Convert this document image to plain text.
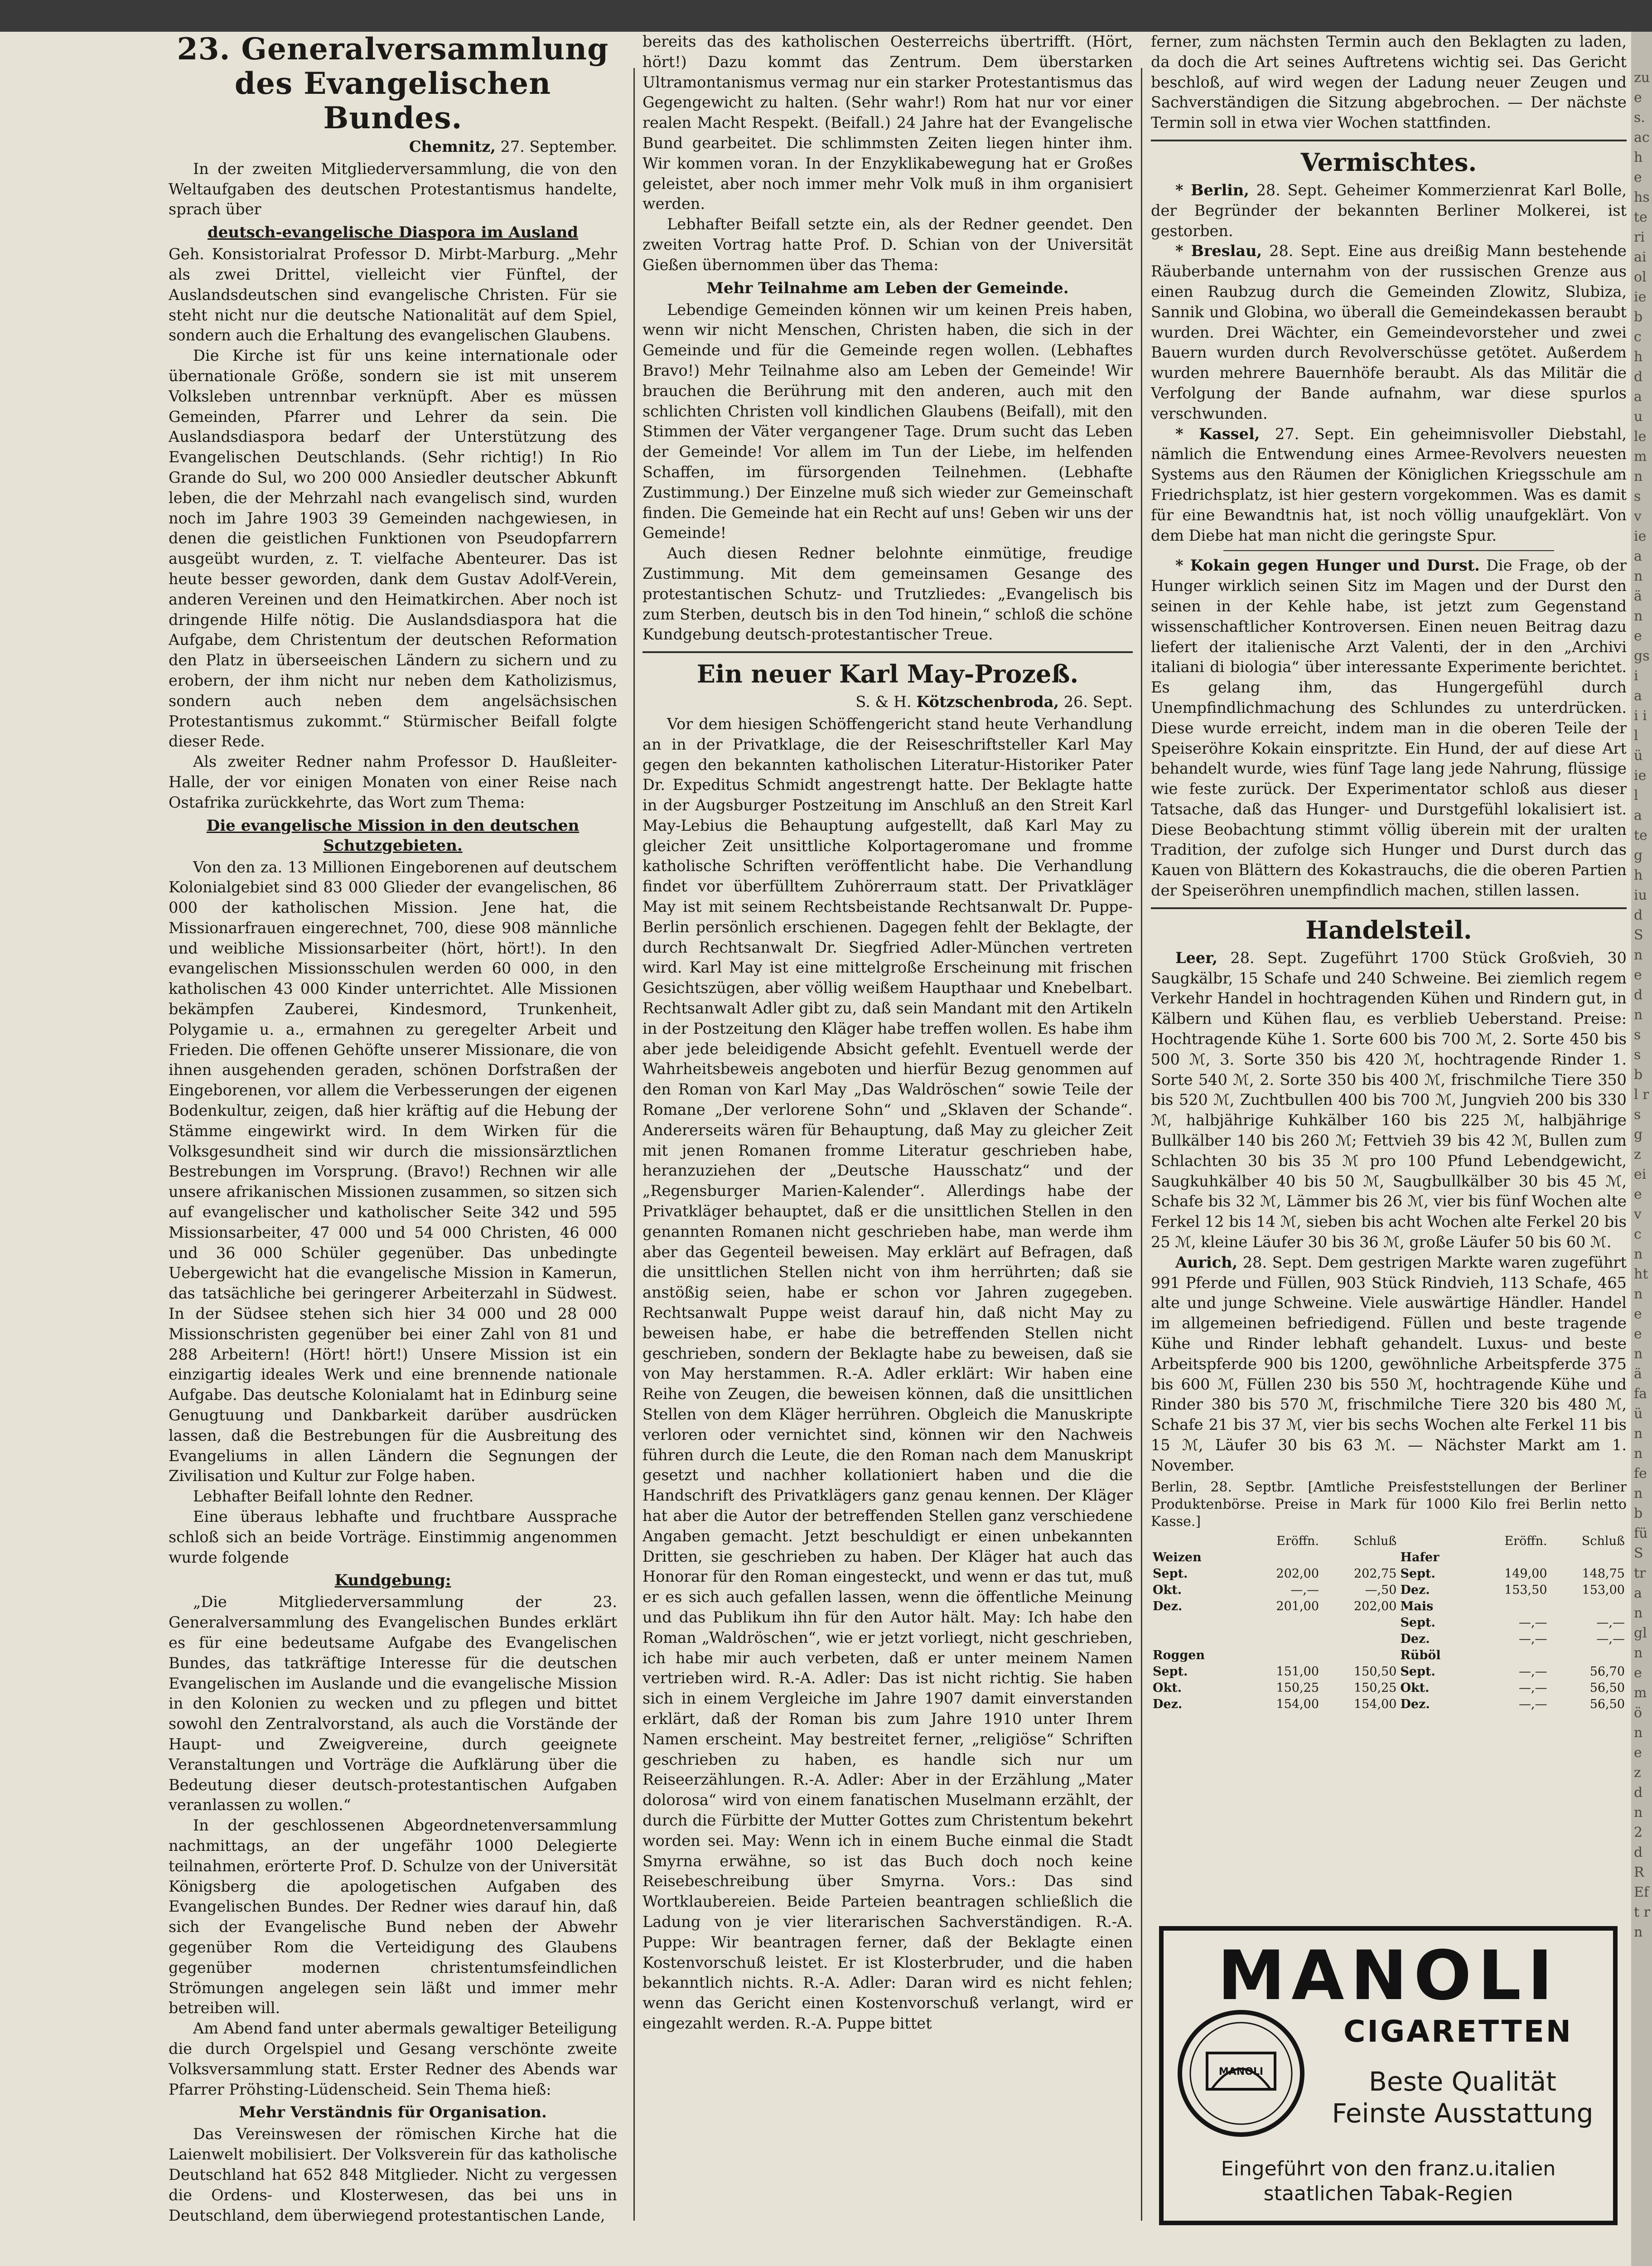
zu es. ache hste ri ai ol ie b ch d au le m n s v ie a n ä ne gs i a i il ü ie l a te g h iu d S n e d n s s b l r s g z ei e v c n ht ne en ä fa ün n fe n b fü S tra n gl n e m ö n e z d n 2 d R Eft rn
23. Generalversammlung
des Evangelischen Bundes.
Chemnitz, 27. September.

In der zweiten Mitgliederversammlung, die von den Weltaufgaben des deutschen Protestantismus handelte, sprach über

deutsch-evangelische Diaspora im Ausland

Geh. Konsistorialrat Professor D. Mirbt-Marburg. „Mehr als zwei Drittel, vielleicht vier Fünftel, der Auslandsdeutschen sind evangelische Christen. Für sie steht nicht nur die deutsche Nationalität auf dem Spiel, sondern auch die Erhaltung des evangelischen Glaubens.

Die Kirche ist für uns keine internationale oder übernationale Größe, sondern sie ist mit unserem Volksleben untrennbar verknüpft. Aber es müssen Gemeinden, Pfarrer und Lehrer da sein. Die Auslandsdiaspora bedarf der Unterstützung des Evangelischen Deutschlands. (Sehr richtig!) In Rio Grande do Sul, wo 200 000 Ansiedler deutscher Abkunft leben, die der Mehrzahl nach evangelisch sind, wurden noch im Jahre 1903 39 Gemeinden nachgewiesen, in denen die geistlichen Funktionen von Pseudopfarrern ausgeübt wurden, z. T. vielfache Abenteurer. Das ist heute besser geworden, dank dem Gustav Adolf-Verein, anderen Vereinen und den Heimatkirchen. Aber noch ist dringende Hilfe nötig. Die Auslandsdiaspora hat die Aufgabe, dem Christentum der deutschen Reformation den Platz in überseeischen Ländern zu sichern und zu erobern, der ihm nicht nur neben dem Katholizismus, sondern auch neben dem angelsächsischen Protestantismus zukommt.“ Stürmischer Beifall folgte dieser Rede.

Als zweiter Redner nahm Professor D. Haußleiter-Halle, der vor einigen Monaten von einer Reise nach Ostafrika zurückkehrte, das Wort zum Thema:

Die evangelische Mission in den deutschen Schutzgebieten.

Von den za. 13 Millionen Eingeborenen auf deutschem Kolonialgebiet sind 83 000 Glieder der evangelischen, 86 000 der katholischen Mission. Jene hat, die Missionarfrauen eingerechnet, 700, diese 908 männliche und weibliche Missionsarbeiter (hört, hört!). In den evangelischen Missionsschulen werden 60 000, in den katholischen 43 000 Kinder unterrichtet. Alle Missionen bekämpfen Zauberei, Kindesmord, Trunkenheit, Polygamie u. a., ermahnen zu geregelter Arbeit und Frieden. Die offenen Gehöfte unserer Missionare, die von ihnen ausgehenden geraden, schönen Dorfstraßen der Eingeborenen, vor allem die Verbesserungen der eigenen Bodenkultur, zeigen, daß hier kräftig auf die Hebung der Stämme eingewirkt wird. In dem Wirken für die Volksgesundheit sind wir durch die missionsärztlichen Bestrebungen im Vorsprung. (Bravo!) Rechnen wir alle unsere afrikanischen Missionen zusammen, so sitzen sich auf evangelischer und katholischer Seite 342 und 595 Missionsarbeiter, 47 000 und 54 000 Christen, 46 000 und 36 000 Schüler gegenüber. Das unbedingte Uebergewicht hat die evangelische Mission in Kamerun, das tatsächliche bei geringerer Arbeiterzahl in Südwest. In der Südsee stehen sich hier 34 000 und 28 000 Missionschristen gegenüber bei einer Zahl von 81 und 288 Arbeitern! (Hört! hört!) Unsere Mission ist ein einzigartig ideales Werk und eine brennende nationale Aufgabe. Das deutsche Kolonialamt hat in Edinburg seine Genugtuung und Dankbarkeit darüber ausdrücken lassen, daß die Bestrebungen für die Ausbreitung des Evangeliums in allen Ländern die Segnungen der Zivilisation und Kultur zur Folge haben.

Lebhafter Beifall lohnte den Redner.

Eine überaus lebhafte und fruchtbare Aussprache schloß sich an beide Vorträge. Einstimmig angenommen wurde folgende

Kundgebung:

„Die Mitgliederversammlung der 23. Generalversammlung des Evangelischen Bundes erklärt es für eine bedeutsame Aufgabe des Evangelischen Bundes, das tatkräftige Interesse für die deutschen Evangelischen im Auslande und die evangelische Mission in den Kolonien zu wecken und zu pflegen und bittet sowohl den Zentralvorstand, als auch die Vorstände der Haupt- und Zweigvereine, durch geeignete Veranstaltungen und Vorträge die Aufklärung über die Bedeutung dieser deutsch-protestantischen Aufgaben veranlassen zu wollen.“

In der geschlossenen Abgeordnetenversammlung nachmittags, an der ungefähr 1000 Delegierte teilnahmen, erörterte Prof. D. Schulze von der Universität Königsberg die apologetischen Aufgaben des Evangelischen Bundes. Der Redner wies darauf hin, daß sich der Evangelische Bund neben der Abwehr gegenüber Rom die Verteidigung des Glaubens gegenüber modernen christentumsfeindlichen Strömungen angelegen sein läßt und immer mehr betreiben will.

Am Abend fand unter abermals gewaltiger Beteiligung die durch Orgelspiel und Gesang verschönte zweite Volksversammlung statt. Erster Redner des Abends war Pfarrer Pröhsting-Lüdenscheid. Sein Thema hieß:

Mehr Verständnis für Organisation.

Das Vereinswesen der römischen Kirche hat die Laienwelt mobilisiert. Der Volksverein für das katholische Deutschland hat 652 848 Mitglieder. Nicht zu vergessen die Ordens- und Klosterwesen, das bei uns in Deutschland, dem überwiegend protestantischen Lande,

bereits das des katholischen Oesterreichs übertrifft. (Hört, hört!) Dazu kommt das Zentrum. Dem überstarken Ultramontanismus vermag nur ein starker Protestantismus das Gegengewicht zu halten. (Sehr wahr!) Rom hat nur vor einer realen Macht Respekt. (Beifall.) 24 Jahre hat der Evangelische Bund gearbeitet. Die schlimmsten Zeiten liegen hinter ihm. Wir kommen voran. In der Enzyklikabewegung hat er Großes geleistet, aber noch immer mehr Volk muß in ihm organisiert werden.

Lebhafter Beifall setzte ein, als der Redner geendet. Den zweiten Vortrag hatte Prof. D. Schian von der Universität Gießen übernommen über das Thema:

Mehr Teilnahme am Leben der Gemeinde.

Lebendige Gemeinden können wir um keinen Preis haben, wenn wir nicht Menschen, Christen haben, die sich in der Gemeinde und für die Gemeinde regen wollen. (Lebhaftes Bravo!) Mehr Teilnahme also am Leben der Gemeinde! Wir brauchen die Berührung mit den anderen, auch mit den schlichten Christen voll kindlichen Glaubens (Beifall), mit den Stimmen der Väter vergangener Tage. Drum sucht das Leben der Gemeinde! Vor allem im Tun der Liebe, im helfenden Schaffen, im fürsorgenden Teilnehmen. (Lebhafte Zustimmung.) Der Einzelne muß sich wieder zur Gemeinschaft finden. Die Gemeinde hat ein Recht auf uns! Geben wir uns der Gemeinde!

Auch diesen Redner belohnte einmütige, freudige Zustimmung. Mit dem gemeinsamen Gesange des protestantischen Schutz- und Trutzliedes: „Evangelisch bis zum Sterben, deutsch bis in den Tod hinein,“ schloß die schöne Kundgebung deutsch-protestantischer Treue.

Ein neuer Karl May-Prozeß.
S. & H. Kötzschenbroda, 26. Sept.

Vor dem hiesigen Schöffengericht stand heute Verhandlung an in der Privatklage, die der Reiseschriftsteller Karl May gegen den bekannten katholischen Literatur-Historiker Pater Dr. Expeditus Schmidt angestrengt hatte. Der Beklagte hatte in der Augsburger Postzeitung im Anschluß an den Streit Karl May-Lebius die Behauptung aufgestellt, daß Karl May zu gleicher Zeit unsittliche Kolportageromane und fromme katholische Schriften veröffentlicht habe. Die Verhandlung findet vor überfülltem Zuhörerraum statt. Der Privatkläger May ist mit seinem Rechtsbeistande Rechtsanwalt Dr. Puppe-Berlin persönlich erschienen. Dagegen fehlt der Beklagte, der durch Rechtsanwalt Dr. Siegfried Adler-München vertreten wird. Karl May ist eine mittelgroße Erscheinung mit frischen Gesichtszügen, aber völlig weißem Haupthaar und Knebelbart. Rechtsanwalt Adler gibt zu, daß sein Mandant mit den Artikeln in der Postzeitung den Kläger habe treffen wollen. Es habe ihm aber jede beleidigende Absicht gefehlt. Eventuell werde der Wahrheitsbeweis angeboten und hierfür Bezug genommen auf den Roman von Karl May „Das Waldröschen“ sowie Teile der Romane „Der verlorene Sohn“ und „Sklaven der Schande“. Andererseits wären für Behauptung, daß May zu gleicher Zeit mit jenen Romanen fromme Literatur geschrieben habe, heranzuziehen der „Deutsche Hausschatz“ und der „Regensburger Marien-Kalender“. Allerdings habe der Privatkläger behauptet, daß er die unsittlichen Stellen in den genannten Romanen nicht geschrieben habe, man werde ihm aber das Gegenteil beweisen. May erklärt auf Befragen, daß die unsittlichen Stellen nicht von ihm herrührten; daß sie anstößig seien, habe er schon vor Jahren zugegeben. Rechtsanwalt Puppe weist darauf hin, daß nicht May zu beweisen habe, er habe die betreffenden Stellen nicht geschrieben, sondern der Beklagte habe zu beweisen, daß sie von May herstammen. R.-A. Adler erklärt: Wir haben eine Reihe von Zeugen, die beweisen können, daß die unsittlichen Stellen von dem Kläger herrühren. Obgleich die Manuskripte verloren oder vernichtet sind, können wir den Nachweis führen durch die Leute, die den Roman nach dem Manuskript gesetzt und nachher kollationiert haben und die die Handschrift des Privatklägers ganz genau kennen. Der Kläger hat aber die Autor der betreffenden Stellen ganz verschiedene Angaben gemacht. Jetzt beschuldigt er einen unbekannten Dritten, sie geschrieben zu haben. Der Kläger hat auch das Honorar für den Roman eingesteckt, und wenn er das tut, muß er es sich auch gefallen lassen, wenn die öffentliche Meinung und das Publikum ihn für den Autor hält. May: Ich habe den Roman „Waldröschen“, wie er jetzt vorliegt, nicht geschrieben, ich habe mir auch verbeten, daß er unter meinem Namen vertrieben wird. R.-A. Adler: Das ist nicht richtig. Sie haben sich in einem Vergleiche im Jahre 1907 damit einverstanden erklärt, daß der Roman bis zum Jahre 1910 unter Ihrem Namen erscheint. May bestreitet ferner, „religiöse“ Schriften geschrieben zu haben, es handle sich nur um Reiseerzählungen. R.-A. Adler: Aber in der Erzählung „Mater dolorosa“ wird von einem fanatischen Muselmann erzählt, der durch die Fürbitte der Mutter Gottes zum Christentum bekehrt worden sei. May: Wenn ich in einem Buche einmal die Stadt Smyrna erwähne, so ist das Buch doch noch keine Reisebeschreibung über Smyrna. Vors.: Das sind Wortklaubereien. Beide Parteien beantragen schließlich die Ladung von je vier literarischen Sachverständigen. R.-A. Puppe: Wir beantragen ferner, daß der Beklagte einen Kostenvorschuß leistet. Er ist Klosterbruder, und die haben bekanntlich nichts. R.-A. Adler: Daran wird es nicht fehlen; wenn das Gericht einen Kostenvorschuß verlangt, wird er eingezahlt werden. R.-A. Puppe bittet

ferner, zum nächsten Termin auch den Beklagten zu laden, da doch die Art seines Auftretens wichtig sei. Das Gericht beschloß, auf wird wegen der Ladung neuer Zeugen und Sachverständigen die Sitzung abgebrochen. — Der nächste Termin soll in etwa vier Wochen stattfinden.

Vermischtes.

* Berlin, 28. Sept. Geheimer Kommerzienrat Karl Bolle, der Begründer der bekannten Berliner Molkerei, ist gestorben.

* Breslau, 28. Sept. Eine aus dreißig Mann bestehende Räuberbande unternahm von der russischen Grenze aus einen Raubzug durch die Gemeinden Zlowitz, Slubiza, Sannik und Globina, wo überall die Gemeindekassen beraubt wurden. Drei Wächter, ein Gemeindevorsteher und zwei Bauern wurden durch Revolverschüsse getötet. Außerdem wurden mehrere Bauernhöfe beraubt. Als das Militär die Verfolgung der Bande aufnahm, war diese spurlos verschwunden.

* Kassel, 27. Sept. Ein geheimnisvoller Diebstahl, nämlich die Entwendung eines Armee-Revolvers neuesten Systems aus den Räumen der Königlichen Kriegsschule am Friedrichsplatz, ist hier gestern vorgekommen. Was es damit für eine Bewandtnis hat, ist noch völlig unaufgeklärt. Von dem Diebe hat man nicht die geringste Spur.

* Kokain gegen Hunger und Durst. Die Frage, ob der Hunger wirklich seinen Sitz im Magen und der Durst den seinen in der Kehle habe, ist jetzt zum Gegenstand wissenschaftlicher Kontroversen. Einen neuen Beitrag dazu liefert der italienische Arzt Valenti, der in den „Archivi italiani di biologia“ über interessante Experimente berichtet. Es gelang ihm, das Hungergefühl durch Unempfindlichmachung des Schlundes zu unterdrücken. Diese wurde erreicht, indem man in die oberen Teile der Speiseröhre Kokain einspritzte. Ein Hund, der auf diese Art behandelt wurde, wies fünf Tage lang jede Nahrung, flüssige wie feste zurück. Der Experimentator schloß aus dieser Tatsache, daß das Hunger- und Durstgefühl lokalisiert ist. Diese Beobachtung stimmt völlig überein mit der uralten Tradition, der zufolge sich Hunger und Durst durch das Kauen von Blättern des Kokastrauchs, die die oberen Partien der Speiseröhren unempfindlich machen, stillen lassen.

Handelsteil.

Leer, 28. Sept. Zugeführt 1700 Stück Großvieh, 30 Saugkälbr, 15 Schafe und 240 Schweine. Bei ziemlich regem Verkehr Handel in hochtragenden Kühen und Rindern gut, in Kälbern und Kühen flau, es verblieb Ueberstand. Preise: Hochtragende Kühe 1. Sorte 600 bis 700 ℳ, 2. Sorte 450 bis 500 ℳ, 3. Sorte 350 bis 420 ℳ, hochtragende Rinder 1. Sorte 540 ℳ, 2. Sorte 350 bis 400 ℳ, frischmilche Tiere 350 bis 520 ℳ, Zuchtbullen 400 bis 700 ℳ, Jungvieh 200 bis 330 ℳ, halbjährige Kuhkälber 160 bis 225 ℳ, halbjährige Bullkälber 140 bis 260 ℳ; Fettvieh 39 bis 42 ℳ, Bullen zum Schlachten 30 bis 35 ℳ pro 100 Pfund Lebendgewicht, Saugkuhkälber 40 bis 50 ℳ, Saugbullkälber 30 bis 45 ℳ, Schafe bis 32 ℳ, Lämmer bis 26 ℳ, vier bis fünf Wochen alte Ferkel 12 bis 14 ℳ, sieben bis acht Wochen alte Ferkel 20 bis 25 ℳ, kleine Läufer 30 bis 36 ℳ, große Läufer 50 bis 60 ℳ.

Aurich, 28. Sept. Dem gestrigen Markte waren zugeführt 991 Pferde und Füllen, 903 Stück Rindvieh, 113 Schafe, 465 alte und junge Schweine. Viele auswärtige Händler. Handel im allgemeinen befriedigend. Füllen und beste tragende Kühe und Rinder lebhaft gehandelt. Luxus- und beste Arbeitspferde 900 bis 1200, gewöhnliche Arbeitspferde 375 bis 600 ℳ, Füllen 230 bis 550 ℳ, hochtragende Kühe und Rinder 380 bis 570 ℳ, frischmilche Tiere 320 bis 480 ℳ, Schafe 21 bis 37 ℳ, vier bis sechs Wochen alte Ferkel 11 bis 15 ℳ, Läufer 30 bis 63 ℳ. — Nächster Markt am 1. November.

Berlin, 28. Septbr. [Amtliche Preisfeststellungen der Berliner Produktenbörse. Preise in Mark für 1000 Kilo frei Berlin netto Kasse.]
	Eröffn.	Schluß		Eröffn.	Schluß
Weizen			Hafer		
Sept.	202,00	202,75	Sept.	149,00	148,75
Okt.	—,—	—,50	Dez.	153,50	153,00
Dez.	201,00	202,00	Mais		
			Sept.	—,—	—,—
			Dez.	—,—	—,—
Roggen			Rüböl		
Sept.	151,00	150,50	Sept.	—,—	56,70
Okt.	150,25	150,25	Okt.	—,—	56,50
Dez.	154,00	154,00	Dez.	—,—	56,50
MANOLI
CIGARETTEN
MANOLI	Beste Qualität
Feinste Ausstattung
Eingeführt von den franz.u.italien
staatlichen Tabak-Regien
